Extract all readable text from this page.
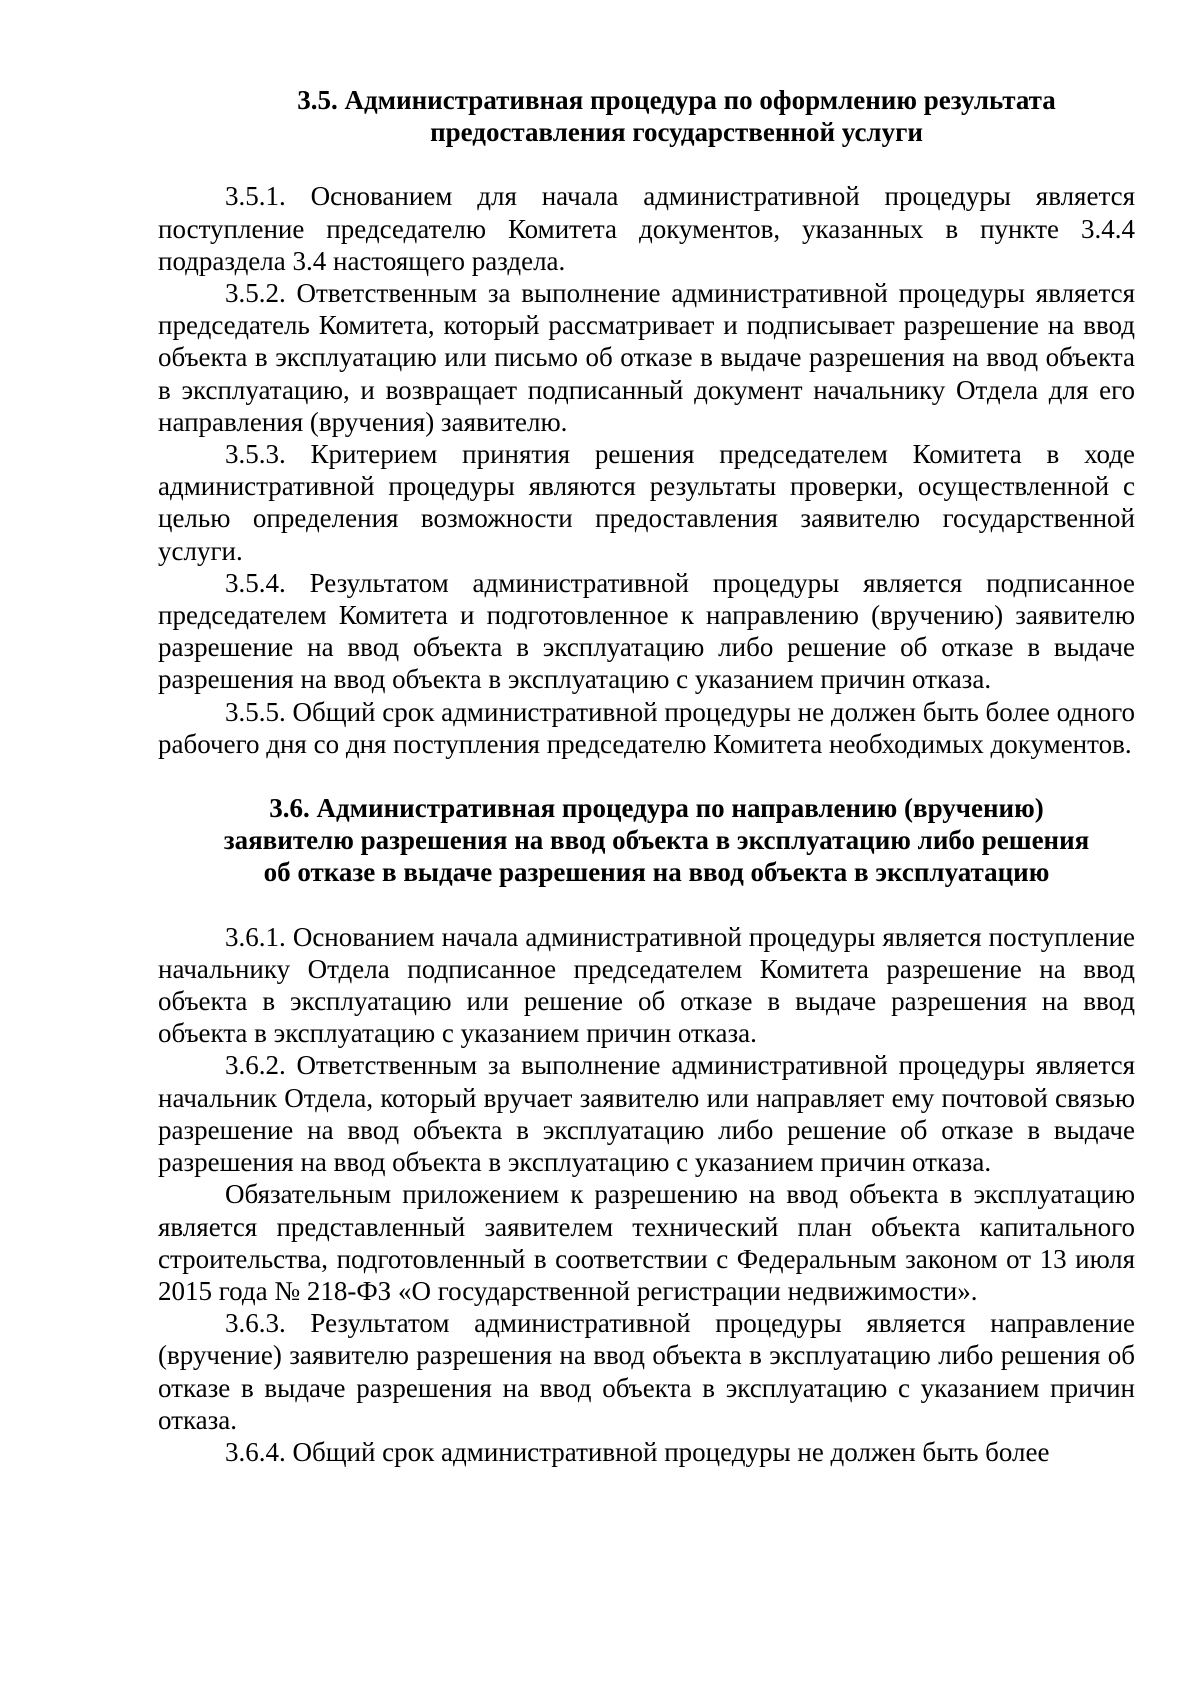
3.5. Административная процедура по оформлению результата
предоставления государственной услуги

3.5.1. Основанием для начала административной процедуры является поступление председателю Комитета документов, указанных в пункте 3.4.4 подраздела 3.4 настоящего раздела.

3.5.2. Ответственным за выполнение административной процедуры является председатель Комитета, который рассматривает и подписывает разрешение на ввод объекта в эксплуатацию или письмо об отказе в выдаче разрешения на ввод объекта в эксплуатацию, и возвращает подписанный документ начальнику Отдела для его направления (вручения) заявителю.

3.5.3. Критерием принятия решения председателем Комитета в ходе административной процедуры являются результаты проверки, осуществленной с целью определения возможности предоставления заявителю государственной услуги.

3.5.4. Результатом административной процедуры является подписанное председателем Комитета и подготовленное к направлению (вручению) заявителю разрешение на ввод объекта в эксплуатацию либо решение об отказе в выдаче разрешения на ввод объекта в эксплуатацию с указанием причин отказа.

3.5.5. Общий срок административной процедуры не должен быть более одного рабочего дня со дня поступления председателю Комитета необходимых документов.

3.6. Административная процедура по направлению (вручению)
заявителю разрешения на ввод объекта в эксплуатацию либо решения
об отказе в выдаче разрешения на ввод объекта в эксплуатацию

3.6.1. Основанием начала административной процедуры является поступление начальнику Отдела подписанное председателем Комитета разрешение на ввод объекта в эксплуатацию или решение об отказе в выдаче разрешения на ввод объекта в эксплуатацию с указанием причин отказа.

3.6.2. Ответственным за выполнение административной процедуры является начальник Отдела, который вручает заявителю или направляет ему почтовой связью разрешение на ввод объекта в эксплуатацию либо решение об отказе в выдаче разрешения на ввод объекта в эксплуатацию с указанием причин отказа.

Обязательным приложением к разрешению на ввод объекта в эксплуатацию является представленный заявителем технический план объекта капитального строительства, подготовленный в соответствии с Федеральным законом от 13 июля 2015 года № 218-ФЗ «О государственной регистрации недвижимости».

3.6.3. Результатом административной процедуры является направление (вручение) заявителю разрешения на ввод объекта в эксплуатацию либо решения об отказе в выдаче разрешения на ввод объекта в эксплуатацию с указанием причин отказа.

3.6.4. Общий срок административной процедуры не должен быть более
